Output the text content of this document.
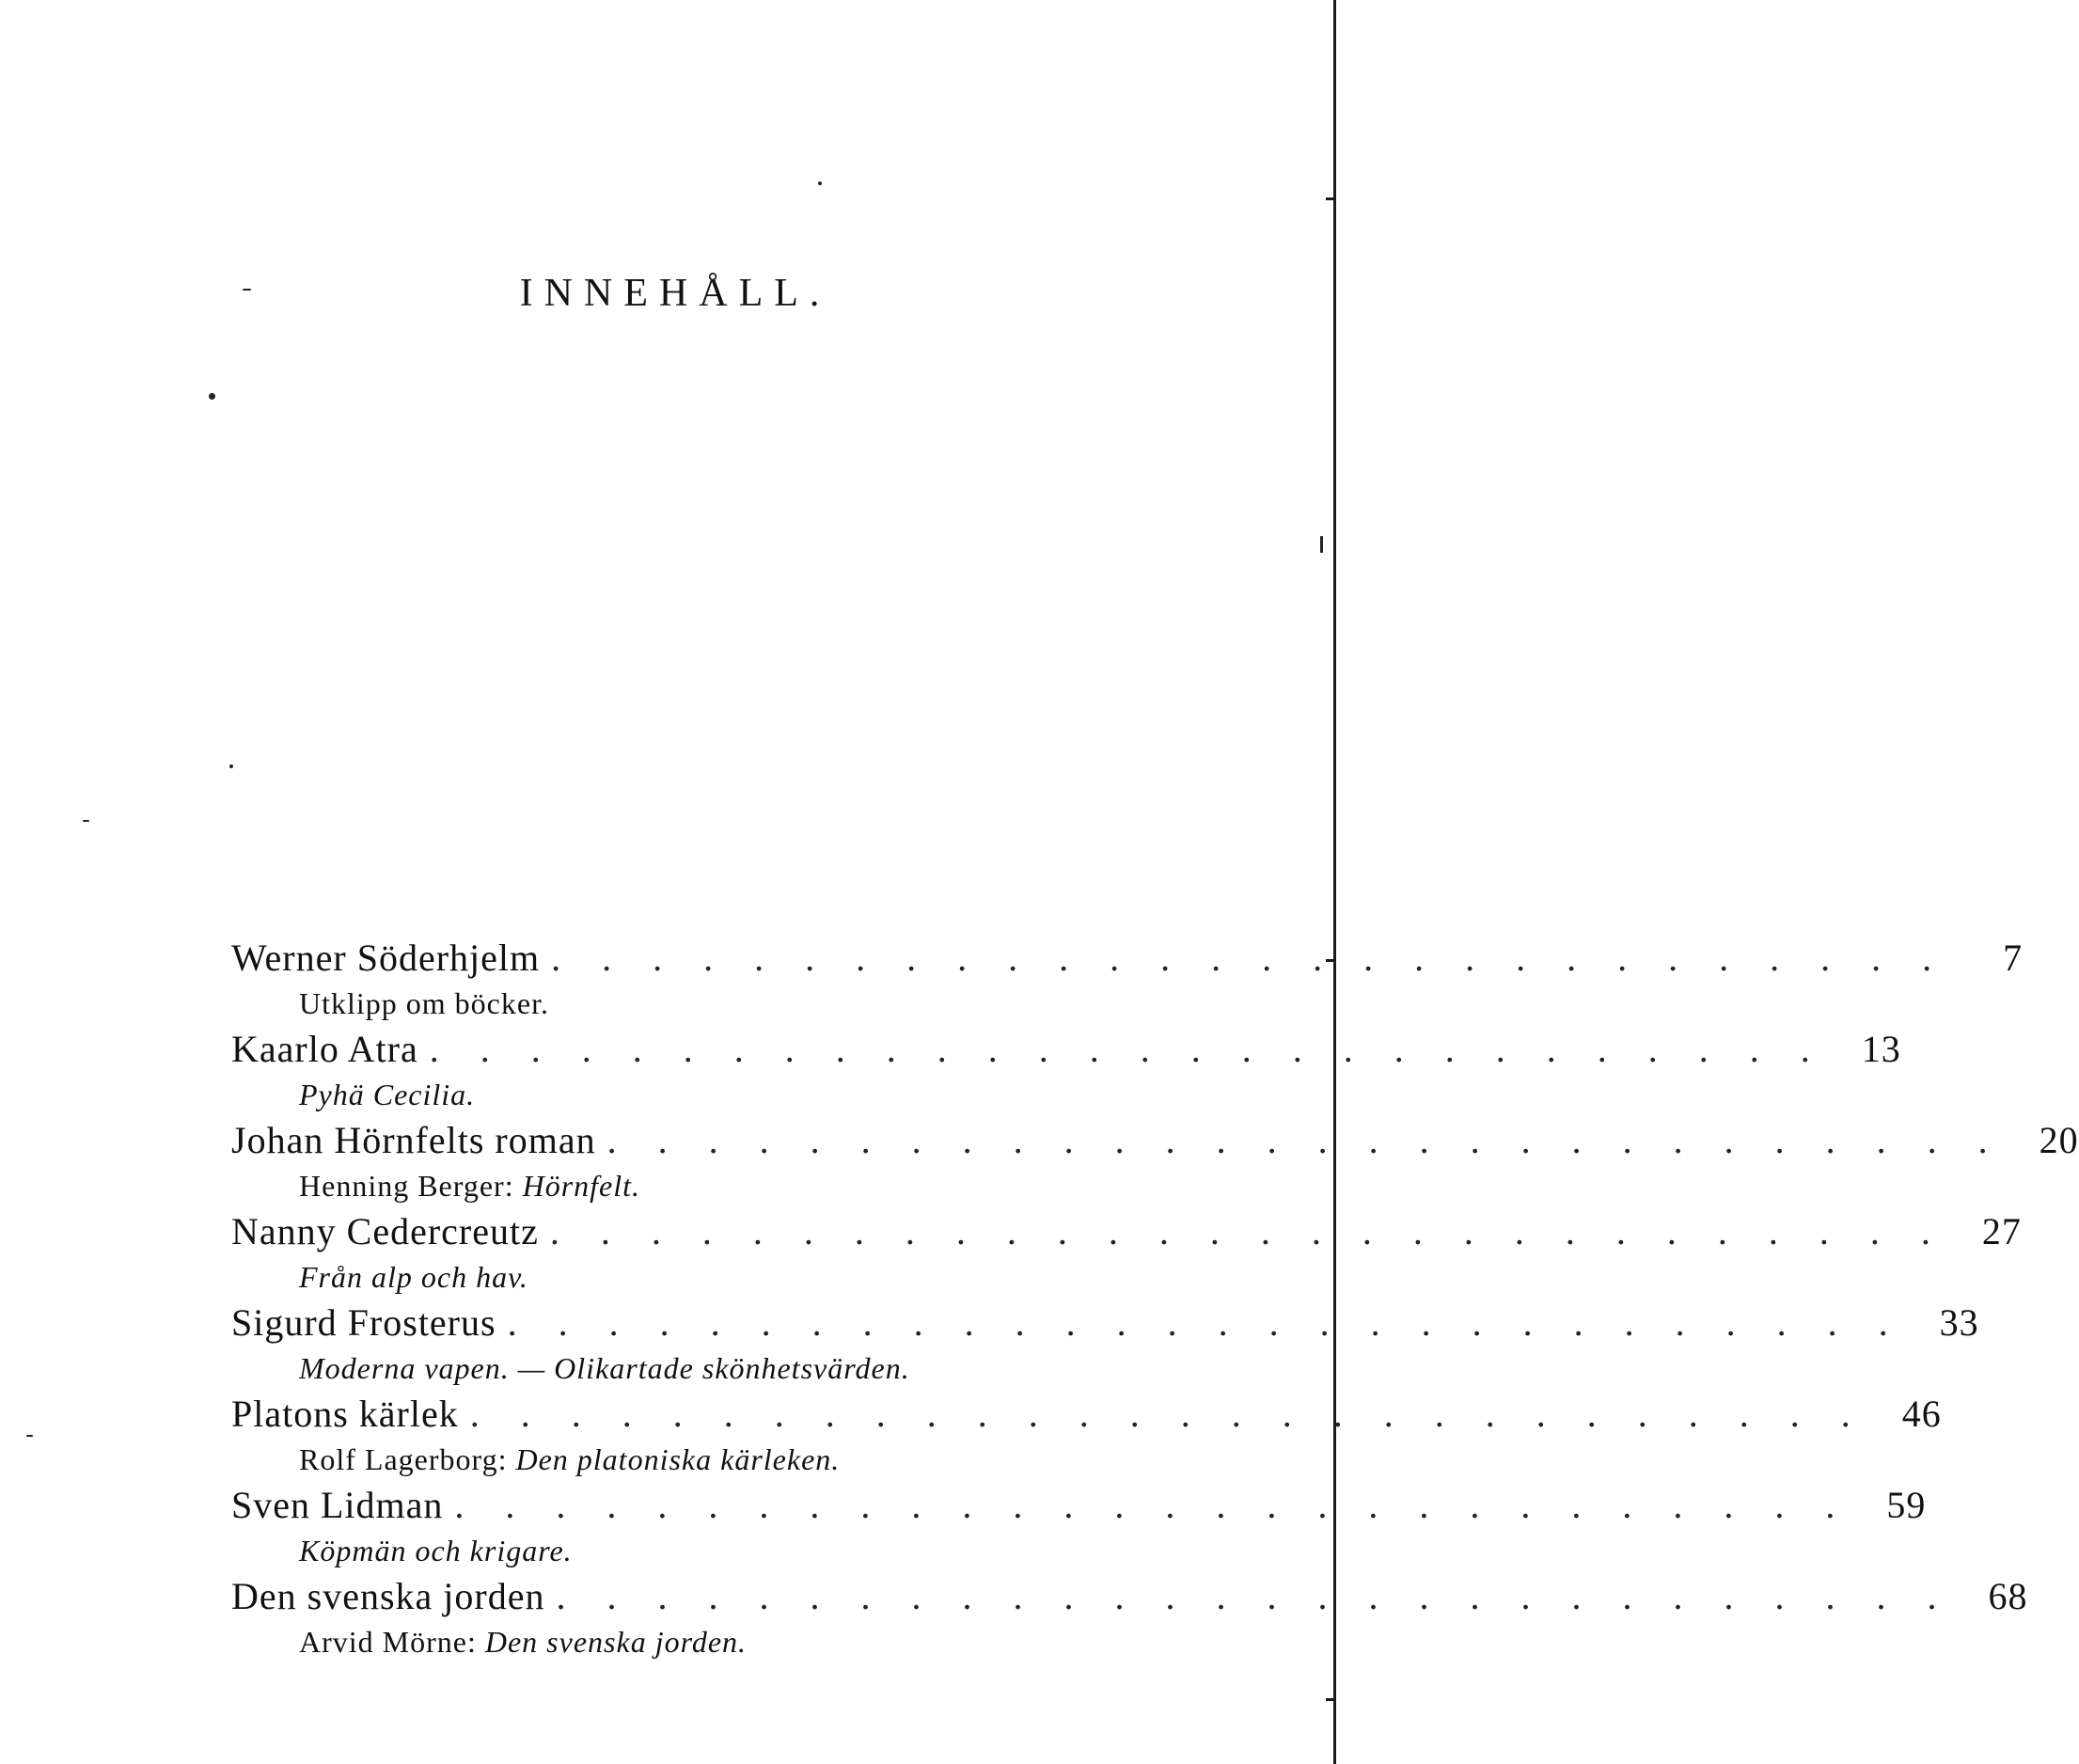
INNEHÅLL.
Werner Söderhjelm . . . . . . . . . . . . . . . . . . . . . . . . . . . .	7
Utklipp om böcker.
Kaarlo Atra . . . . . . . . . . . . . . . . . . . . . . . . . . . . 13
Pyhä Cecilia.
Johan Hörnfelts roman . . . . . . . . . . . . . . . . . . . . . . . . . . . . 20
Henning Berger: Hörnfelt.
Nanny Cedercreutz . . . . . . . . . . . . . . . . . . . . . . . . . . . . 27
Från alp och hav.
Sigurd Frosterus . . . . . . . . . . . . . . . . . . . . . . . . . . . . 33
Moderna vapen. — Olikartade skönhetsvärden.
Platons kärlek . . . . . . . . . . . . . . . . . . . . . . . . . . . . 46
Rolf Lagerborg: Den platoniska kärleken.
Sven Lidman . . . . . . . . . . . . . . . . . . . . . . . . . . . . 59
Köpmän och krigare.
Den svenska jorden . . . . . . . . . . . . . . . . . . . . . . . . . . . . 68
Arvid Mörne: Den svenska jorden.
